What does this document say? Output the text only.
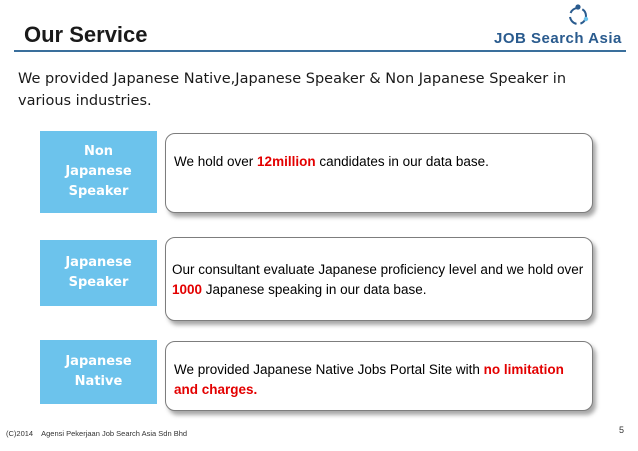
Our Service	JOB Search Asia
We provided Japanese Native,Japanese Speaker & Non Japanese Speaker in various industries.
Non
Japanese
Speaker
Japanese
Speaker
Japanese
Native
We hold over 12million candidates in our data base.
Our consultant evaluate Japanese proficiency level and we hold over 1000 Japanese speaking in our data base.
We provided Japanese Native Jobs Portal Site with no limitation and charges.
(C)2014 Agensi Pekerjaan Job Search Asia Sdn Bhd	5
